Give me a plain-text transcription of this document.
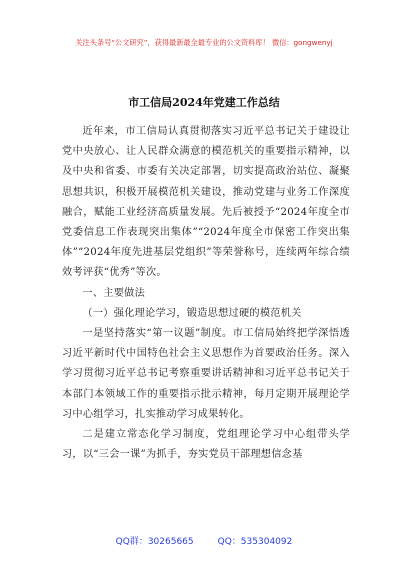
关注头条号“公文研究”，获得最新最全最专业的公文资料库！ 微信：gongwenyj
市工信局2024年党建工作总结

近年来，市工信局认真贯彻落实习近平总书记关于建设让党中央放心、让人民群众满意的模范机关的重要指示精神，以及中央和省委、市委有关决定部署，切实提高政治站位、凝聚思想共识，积极开展模范机关建设，推动党建与业务工作深度融合，赋能工业经济高质量发展。先后被授予“2024年度全市党委信息工作表现突出集体”“2024年度全市保密工作突出集体”“2024年度先进基层党组织”等荣誉称号，连续两年综合绩效考评获“优秀”等次。

一、主要做法

（一）强化理论学习，锻造思想过硬的模范机关

一是坚持落实“第一议题”制度。市工信局始终把学深悟透习近平新时代中国特色社会主义思想作为首要政治任务。深入学习贯彻习近平总书记考察重要讲话精神和习近平总书记关于本部门本领域工作的重要指示批示精神，每月定期开展理论学习中心组学习，扎实推动学习成果转化。

二是建立常态化学习制度，党组理论学习中心组带头学习，以“三会一课”为抓手，夯实党员干部理想信念基

QQ群：30265665	QQ：535304092
